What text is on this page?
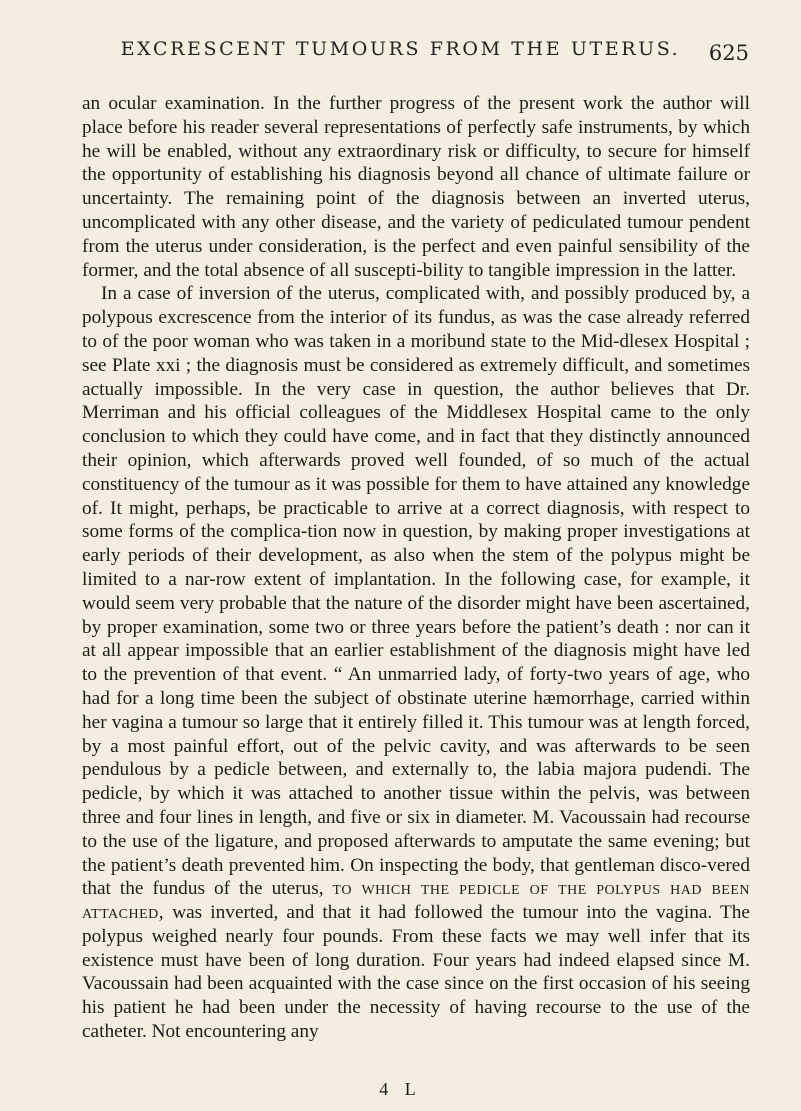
EXCRESCENT TUMOURS FROM THE UTERUS.	625

an ocular examination. In the further progress of the present work the author will place before his reader several representations of perfectly safe instruments, by which he will be enabled, without any extraordinary risk or difficulty, to secure for himself the opportunity of establishing his diagnosis beyond all chance of ultimate failure or uncertainty. The remaining point of the diagnosis between an inverted uterus, uncomplicated with any other disease, and the variety of pediculated tumour pendent from the uterus under consideration, is the perfect and even painful sensibility of the former, and the total absence of all suscepti-bility to tangible impression in the latter.

In a case of inversion of the uterus, complicated with, and possibly produced by, a polypous excrescence from the interior of its fundus, as was the case already referred to of the poor woman who was taken in a moribund state to the Mid-dlesex Hospital ; see Plate xxi ; the diagnosis must be considered as extremely difficult, and sometimes actually impossible. In the very case in question, the author believes that Dr. Merriman and his official colleagues of the Middlesex Hospital came to the only conclusion to which they could have come, and in fact that they distinctly announced their opinion, which afterwards proved well founded, of so much of the actual constituency of the tumour as it was possible for them to have attained any knowledge of. It might, perhaps, be practicable to arrive at a correct diagnosis, with respect to some forms of the complica-tion now in question, by making proper investigations at early periods of their development, as also when the stem of the polypus might be limited to a nar-row extent of implantation. In the following case, for example, it would seem very probable that the nature of the disorder might have been ascertained, by proper examination, some two or three years before the patient’s death : nor can it at all appear impossible that an earlier establishment of the diagnosis might have led to the prevention of that event. “ An unmarried lady, of forty-two years of age, who had for a long time been the subject of obstinate uterine hæmorrhage, carried within her vagina a tumour so large that it entirely filled it. This tumour was at length forced, by a most painful effort, out of the pelvic cavity, and was afterwards to be seen pendulous by a pedicle between, and externally to, the labia majora pudendi. The pedicle, by which it was attached to another tissue within the pelvis, was between three and four lines in length, and five or six in diameter. M. Vacoussain had recourse to the use of the ligature, and proposed afterwards to amputate the same evening; but the patient’s death prevented him. On inspecting the body, that gentleman disco-vered that the fundus of the uterus, to which the pedicle of the polypus had been attached, was inverted, and that it had followed the tumour into the vagina. The polypus weighed nearly four pounds. From these facts we may well infer that its existence must have been of long duration. Four years had indeed elapsed since M. Vacoussain had been acquainted with the case since on the first occasion of his seeing his patient he had been under the necessity of having recourse to the use of the catheter. Not encountering any

4 L
